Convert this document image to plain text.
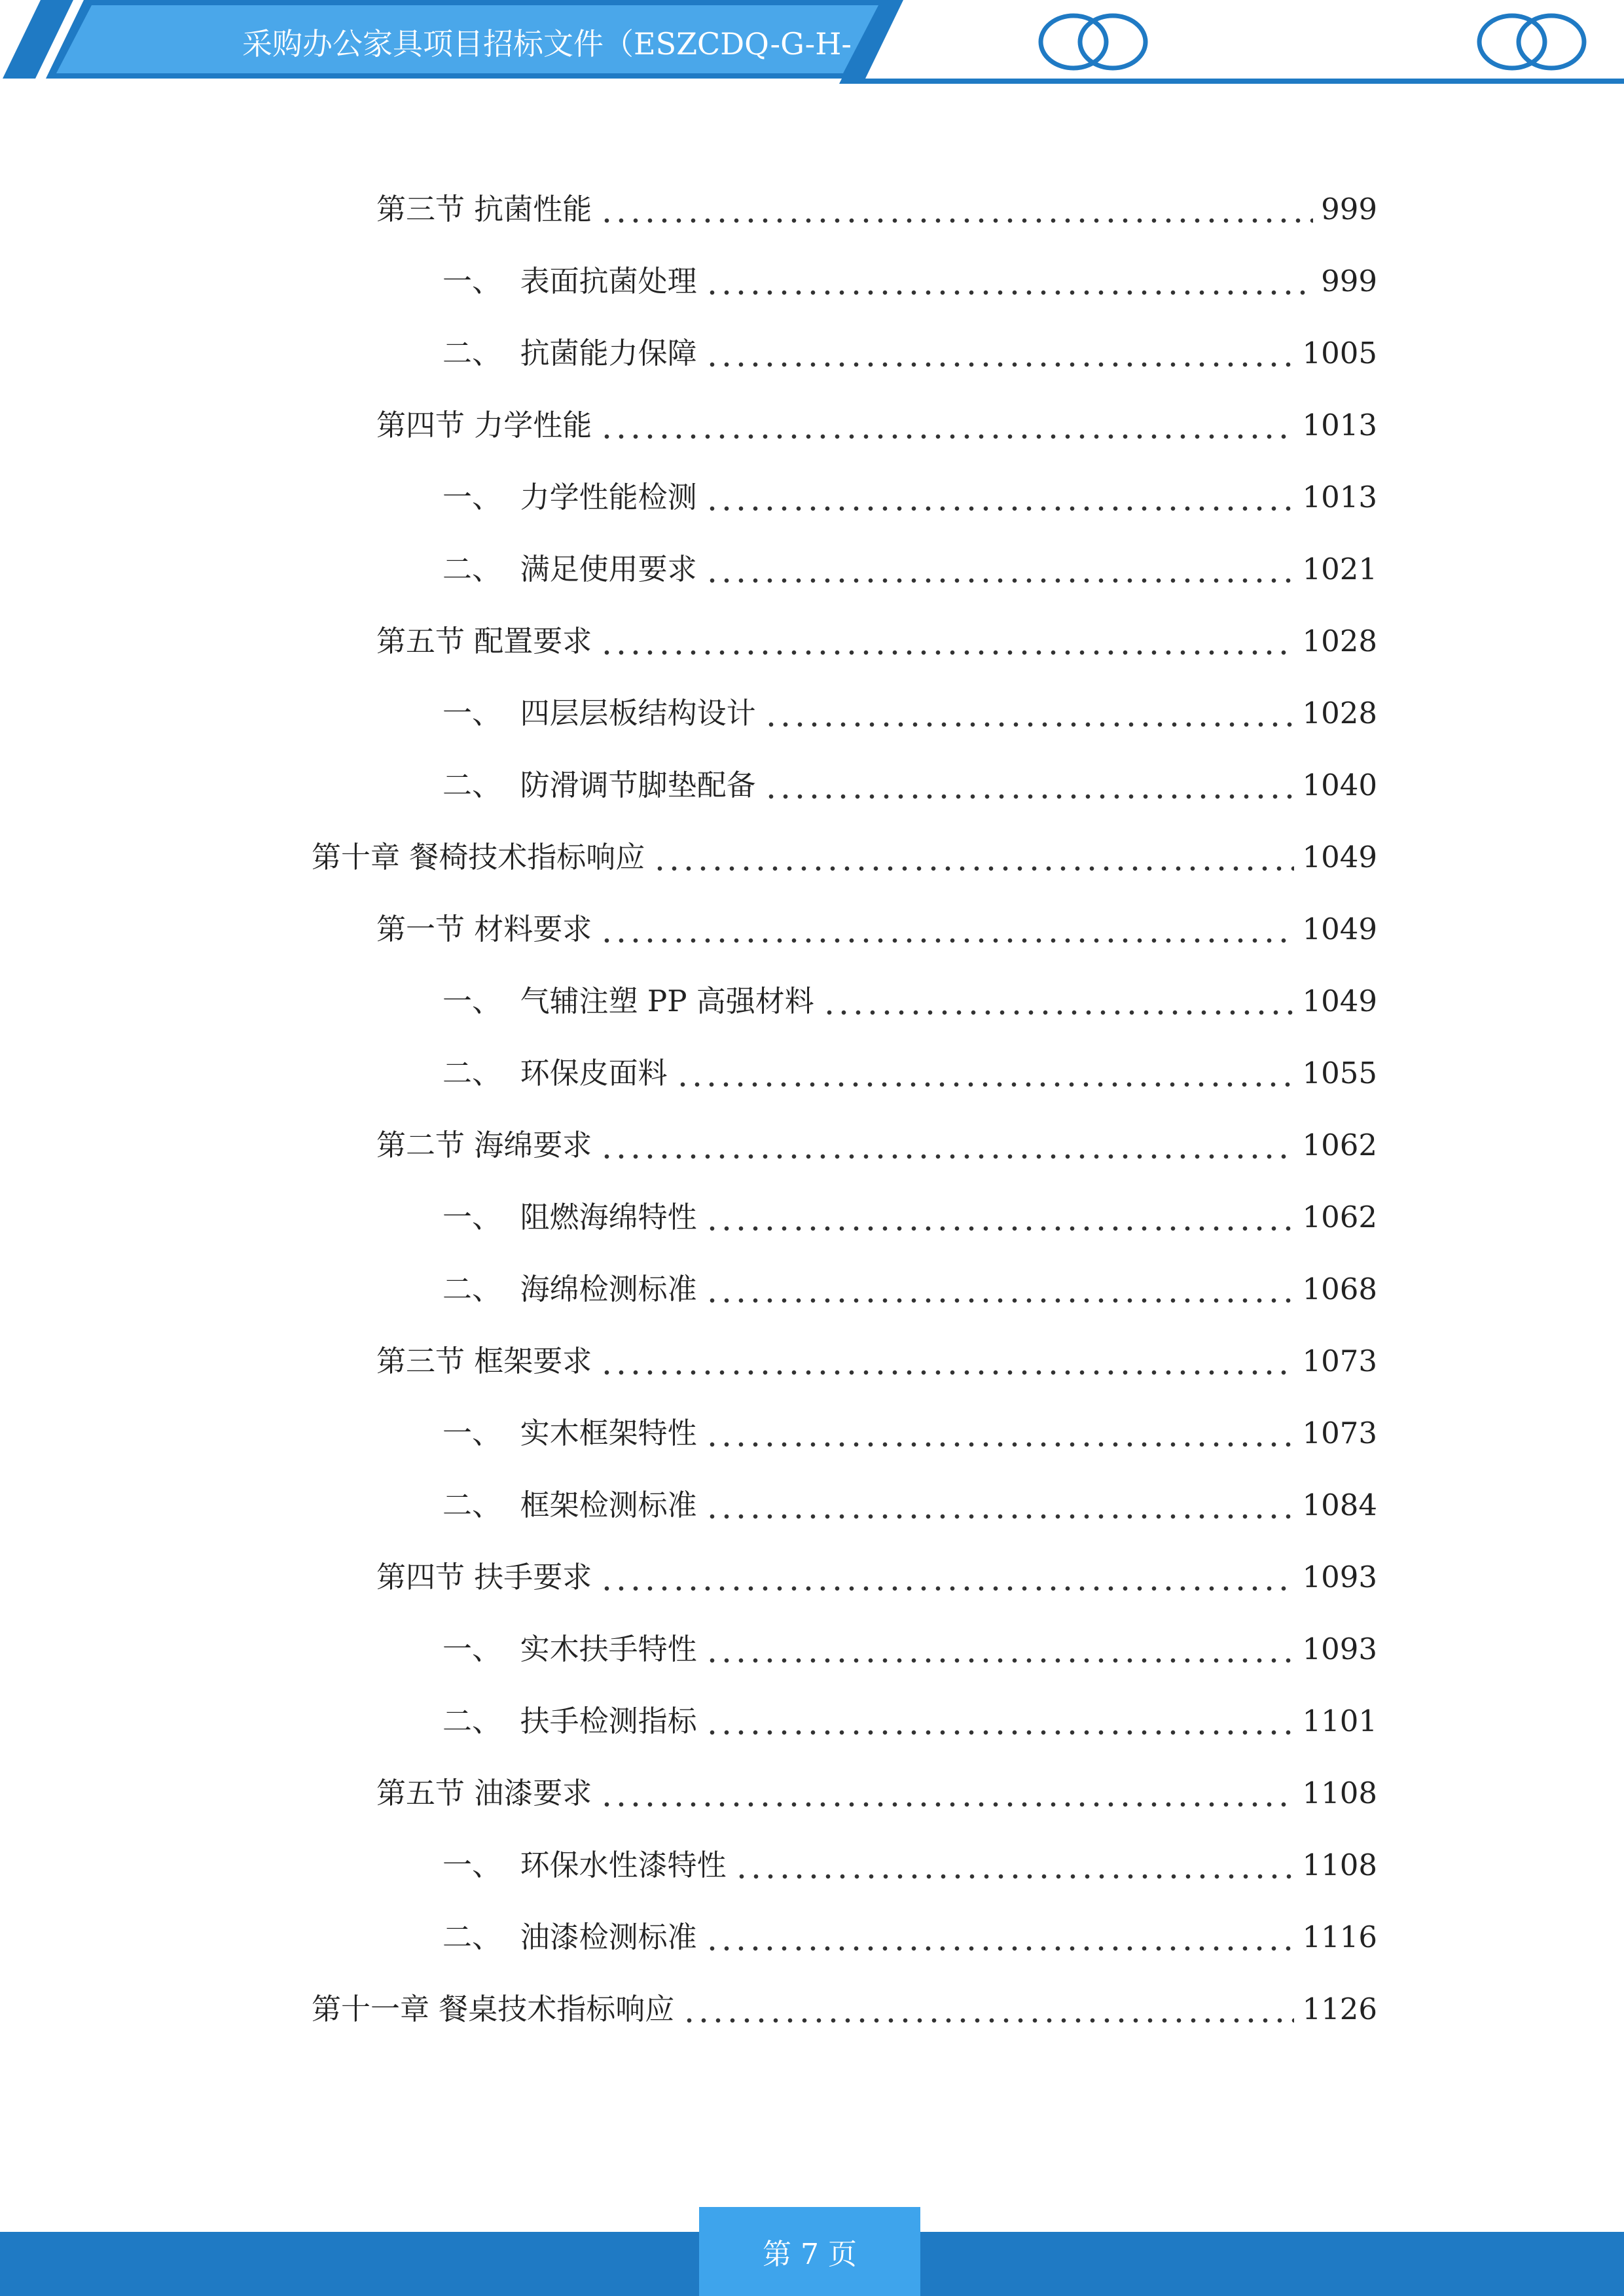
采购办公家具项目招标文件（ESZCDQ-G-H-
第三节 抗菌性能	999
一、 表面抗菌处理	999
二、 抗菌能力保障	1005
第四节 力学性能	1013
一、 力学性能检测	1013
二、 满足使用要求	1021
第五节 配置要求	1028
一、 四层层板结构设计	1028
二、 防滑调节脚垫配备	1040
第十章 餐椅技术指标响应	1049
第一节 材料要求	1049
一、 气辅注塑 PP 高强材料	1049
二、 环保皮面料	1055
第二节 海绵要求	1062
一、 阻燃海绵特性	1062
二、 海绵检测标准	1068
第三节 框架要求	1073
一、 实木框架特性	1073
二、 框架检测标准	1084
第四节 扶手要求	1093
一、 实木扶手特性	1093
二、 扶手检测指标	1101
第五节 油漆要求	1108
一、 环保水性漆特性	1108
二、 油漆检测标准	1116
第十一章 餐桌技术指标响应	1126
第 7 页
